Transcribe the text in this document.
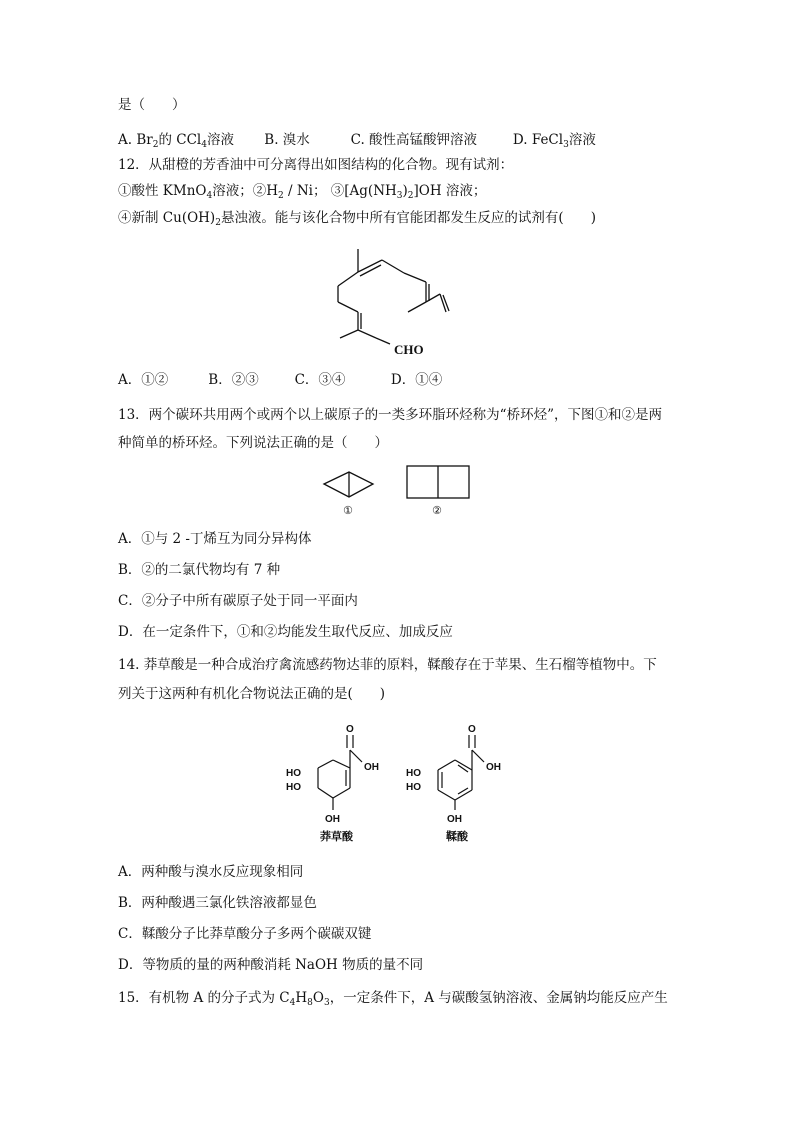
是（　　）
A. $Br_2$的 CCl$_4$溶液 B. 溴水	C. 酸性高锰酸钾溶液	D. FeCl$_3$溶液
12．从甜橙的芳香油中可分离得出如图结构的化合物。现有试剂：
①酸性 KMnO$_4$溶液；$②H_2$ / Ni； $③[Ag(NH_3)_2]OH$ 溶液；
④新制 $Cu(OH)_2$悬浊液。能与该化合物中所有官能团都发生反应的试剂有(　　)
CHO
A．①②	B．②③	C．③④	D．①④
13．两个碳环共用两个或两个以上碳原子的一类多环脂环烃称为“桥环烃”，下图①和②是两
种简单的桥环烃。下列说法正确的是（　　）
①	②
A．①与 2 -丁烯互为同分异构体
B．②的二氯代物均有 7 种
C．②分子中所有碳原子处于同一平面内
D．在一定条件下，①和②均能发生取代反应、加成反应
14. 莽草酸是一种合成治疗禽流感药物达菲的原料，鞣酸存在于苹果、生石榴等植物中。下
列关于这两种有机化合物说法正确的是(　　)
HO
HO
O
OH
OH
莽草酸
HO
HO
O
OH
OH
鞣酸
A．两种酸与溴水反应现象相同
B．两种酸遇三氯化铁溶液都显色
C．鞣酸分子比莽草酸分子多两个碳碳双键
D．等物质的量的两种酸消耗 NaOH 物质的量不同
15．有机物 A 的分子式为 $C_4H_8O_3$，一定条件下，A 与碳酸氢钠溶液、金属钠均能反应产生
